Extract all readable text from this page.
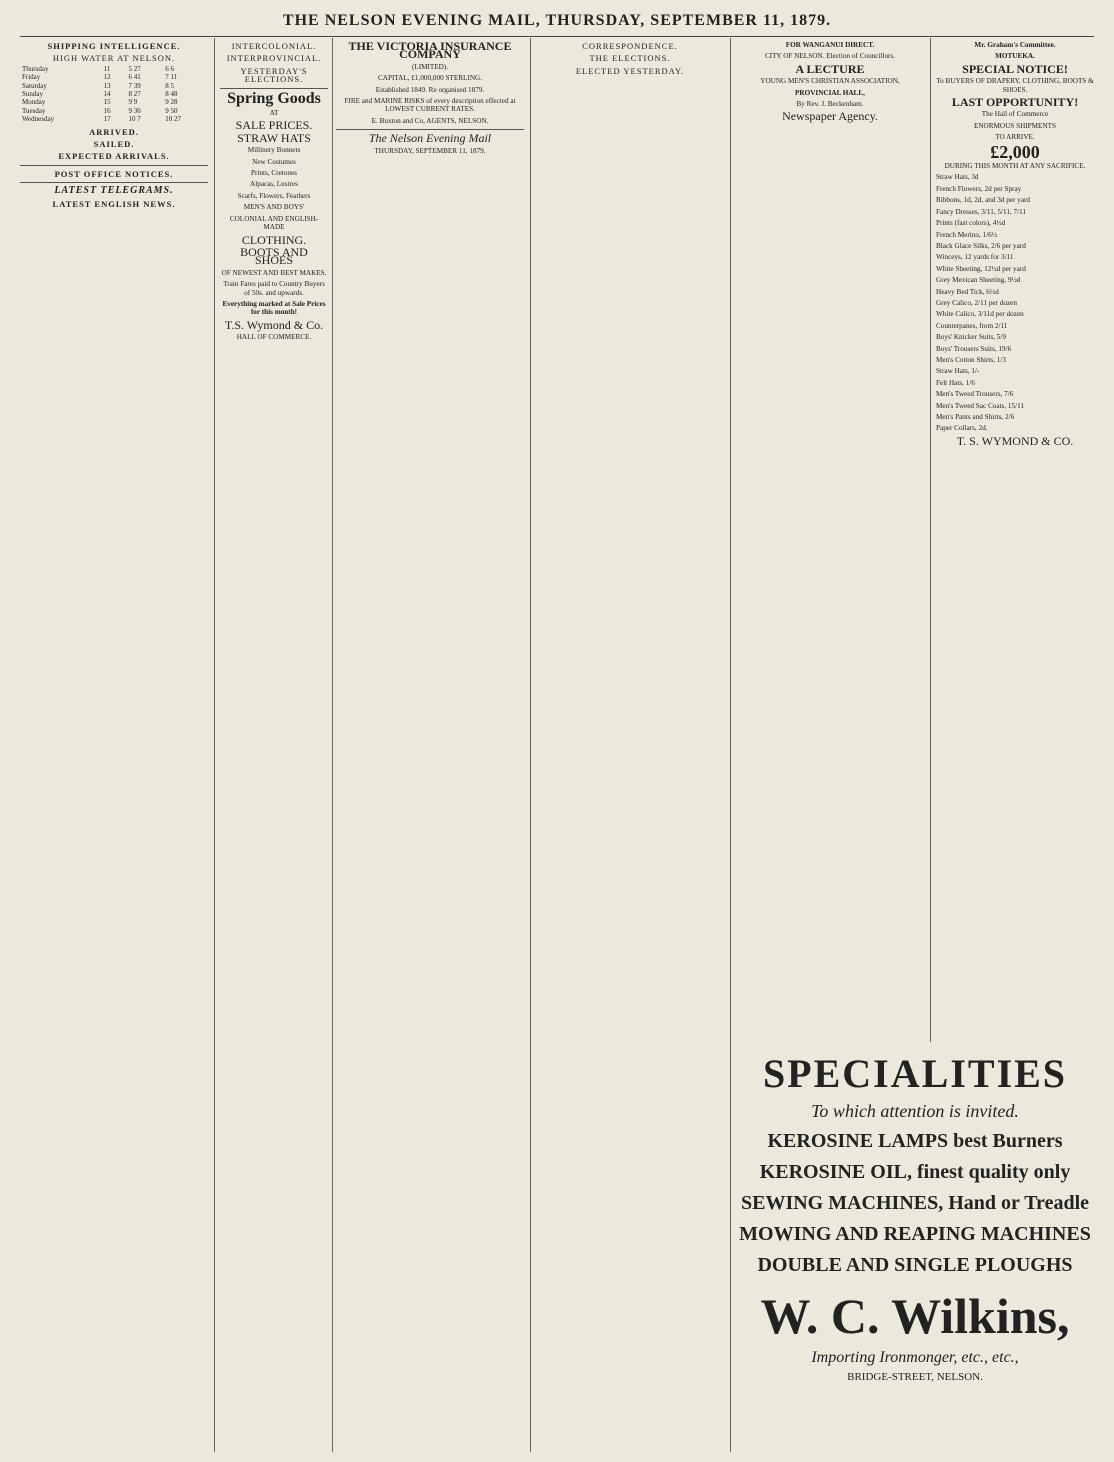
THE NELSON EVENING MAIL, THURSDAY, SEPTEMBER 11, 1879.
SHIPPING INTELLIGENCE.
HIGH WATER AT NELSON.
Thursday	11	5 27	6 6
Friday	12	6 41	7 11
Saturday	13	7 39	8 5
Sunday	14	8 27	8 48
Monday	15	9 9	9 28
Tuesday	16	9 36	9 50
Wednesday	17	10 7	10 27
ARRIVED.
SAILED.
EXPECTED ARRIVALS.
POST OFFICE NOTICES.
LATEST TELEGRAMS.
LATEST ENGLISH NEWS.
INTERCOLONIAL.
INTERPROVINCIAL.
YESTERDAY'S ELECTIONS.
Spring Goods
AT
SALE PRICES.
STRAW HATS
Millinery Bonnets
New Costumes
Prints, Cretones
Alpacas, Lustres
Scarfs, Flowers, Feathers
MEN'S AND BOYS'
COLONIAL AND ENGLISH-MADE
CLOTHING.
BOOTS AND SHOES
OF NEWEST AND BEST MAKES.
Train Fares paid to Country Buyers of 50s. and upwards.
Everything marked at Sale Prices for this month!
T.S. Wymond & Co.
HALL OF COMMERCE.
THE VICTORIA INSURANCE COMPANY
(LIMITED).
CAPITAL, £1,000,000 STERLING.
Established 1849. Re organised 1879.
FIRE and MARINE RISKS of every description effected at LOWEST CURRENT RATES.
E. Buxton and Co, AGENTS, NELSON.
The Nelson Evening Mail
THURSDAY, SEPTEMBER 11, 1879.
CORRESPONDENCE.
THE ELECTIONS.
ELECTED YESTERDAY.
FOR WANGANUI DIRECT.
CITY OF NELSON. Election of Councillors.
A LECTURE
YOUNG MEN'S CHRISTIAN ASSOCIATION,
PROVINCIAL HALL,
By Rev. J. Beckenham.
Newspaper Agency.
Mr. Graham's Committee.
MOTUEKA.
SPECIAL NOTICE!
To BUYERS OF DRAPERY, CLOTHING, BOOTS & SHOES.
LAST OPPORTUNITY!
The Hall of Commerce
ENORMOUS SHIPMENTS
TO ARRIVE.
£2,000
DURING THIS MONTH AT ANY SACRIFICE.
Straw Hats, 3d
French Flowers, 2d per Spray
Ribbons, 1d, 2d, and 3d per yard
Fancy Dresses, 3/11, 5/11, 7/11
Prints (fast colors), 4½d
French Merino, 1/6½
Black Glace Silks, 2/6 per yard
Winceys, 12 yards for 3/11
White Sheeting, 12½d per yard
Grey Mexican Sheeting, 9½d
Heavy Bed Tick, 6½d
Grey Calico, 2/11 per dozen
White Calico, 3/11d per dozen
Counterpanes, from 2/11
Boys' Knicker Suits, 5/9
Boys' Trousers Suits, 19/6
Men's Cotton Shirts, 1/3
Straw Hats, 1/-
Felt Hats, 1/6
Men's Tweed Trousers, 7/6
Men's Tweed Sac Coats, 15/11
Men's Pants and Shirts, 2/6
Paper Collars, 2d.
T. S. WYMOND & CO.
SPECIALITIES
To which attention is invited.
KEROSINE LAMPS best Burners
KEROSINE OIL, finest quality only
SEWING MACHINES, Hand or Treadle
MOWING AND REAPING MACHINES
DOUBLE AND SINGLE PLOUGHS
W. C. Wilkins,
Importing Ironmonger, etc., etc.,
BRIDGE-STREET, NELSON.
